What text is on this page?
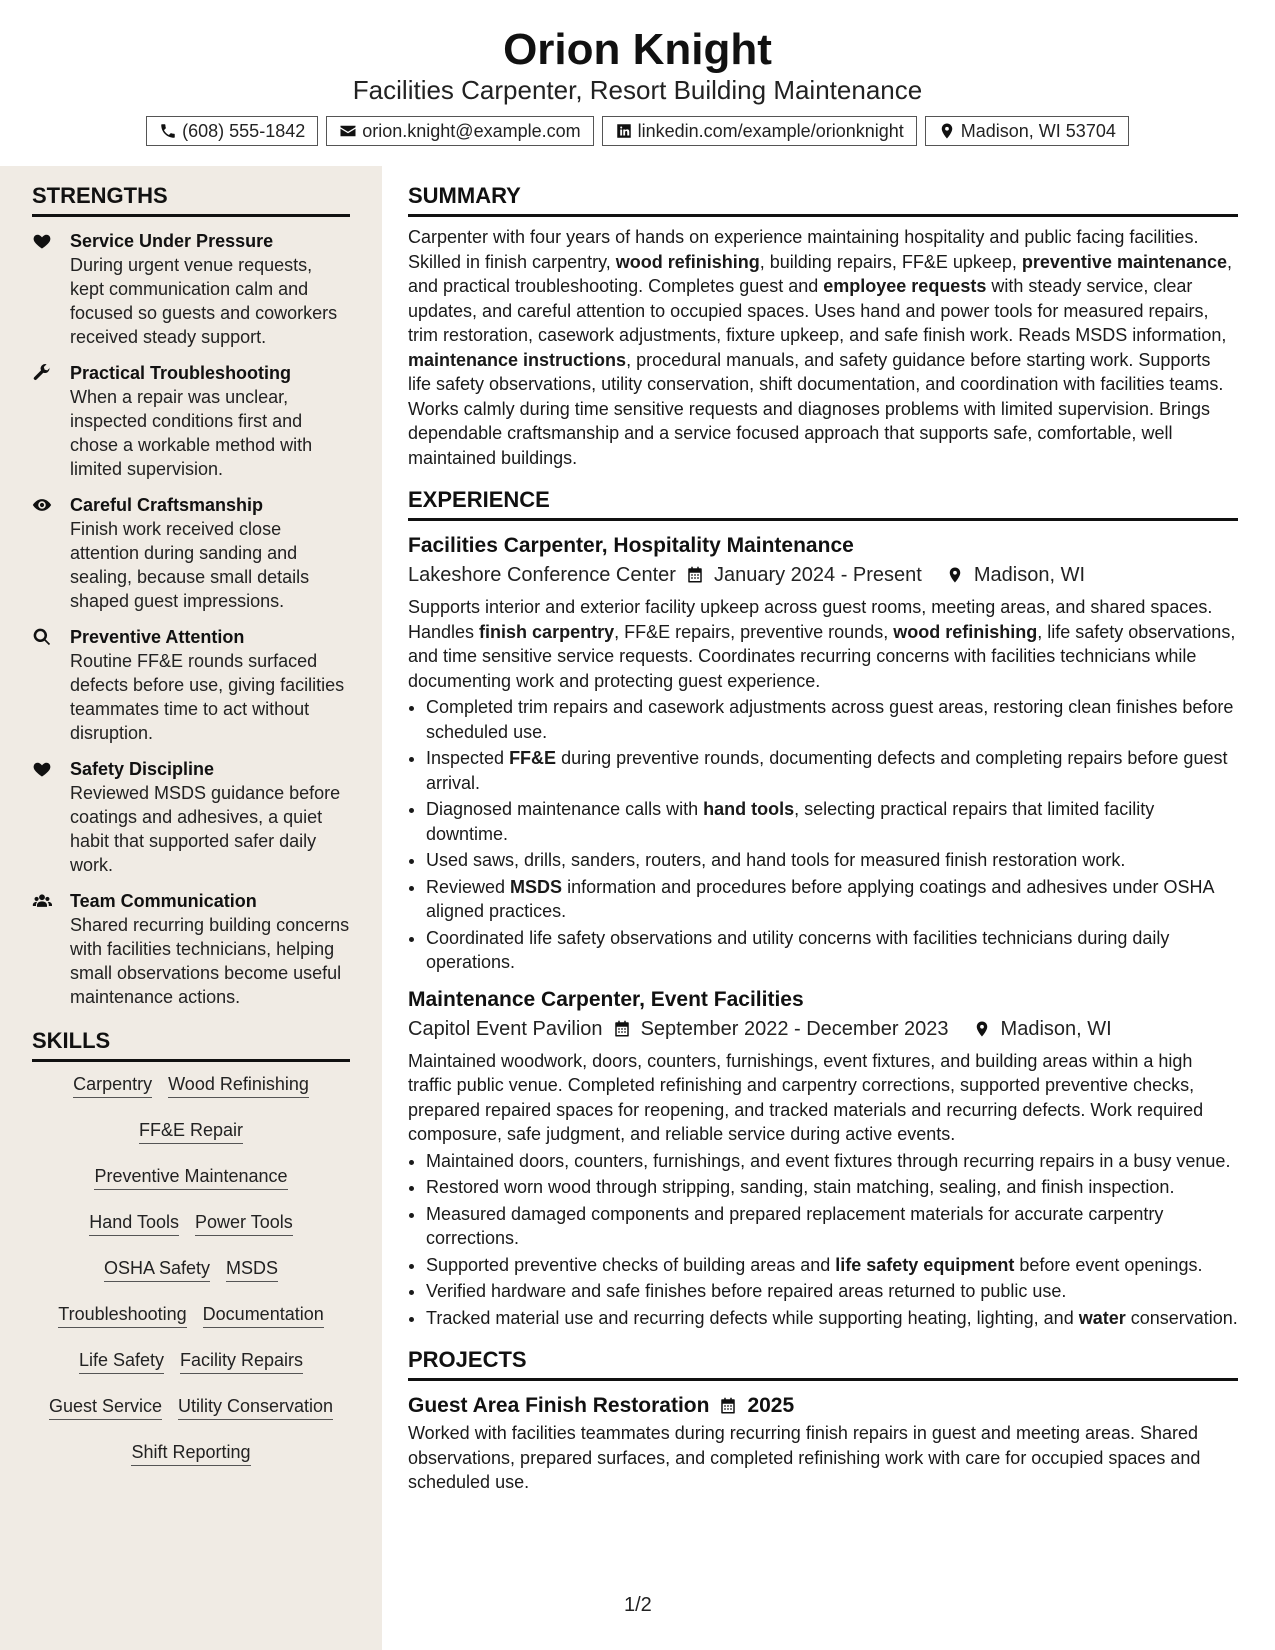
Orion Knight
Facilities Carpenter, Resort Building Maintenance
(608) 555-1842	orion.knight@example.com	linkedin.com/example/orionknight	Madison, WI 53704
STRENGTHS
Service Under Pressure
During urgent venue requests, kept communication calm and focused so guests and coworkers received steady support.
Practical Troubleshooting
When a repair was unclear, inspected conditions first and chose a workable method with limited supervision.
Careful Craftsmanship
Finish work received close attention during sanding and sealing, because small details shaped guest impressions.
Preventive Attention
Routine FF&E rounds surfaced defects before use, giving facilities teammates time to act without disruption.
Safety Discipline
Reviewed MSDS guidance before coatings and adhesives, a quiet habit that supported safer daily work.
Team Communication
Shared recurring building concerns with facilities technicians, helping small observations become useful maintenance actions.
SKILLS
Carpentry Wood Refinishing
FF&E Repair
Preventive Maintenance
Hand Tools Power Tools
OSHA Safety MSDS
Troubleshooting Documentation
Life Safety Facility Repairs
Guest Service Utility Conservation
Shift Reporting
SUMMARY

Carpenter with four years of hands on experience maintaining hospitality and public facing facilities. Skilled in finish carpentry, wood refinishing, building repairs, FF&E upkeep, preventive maintenance, and practical troubleshooting. Completes guest and employee requests with steady service, clear updates, and careful attention to occupied spaces. Uses hand and power tools for measured repairs, trim restoration, casework adjustments, fixture upkeep, and safe finish work. Reads MSDS information, maintenance instructions, procedural manuals, and safety guidance before starting work. Supports life safety observations, utility conservation, shift documentation, and coordination with facilities teams. Works calmly during time sensitive requests and diagnoses problems with limited supervision. Brings dependable craftsmanship and a service focused approach that supports safe, comfortable, well maintained buildings.

EXPERIENCE
Facilities Carpenter, Hospitality Maintenance
Lakeshore Conference Center January 2024 - Present	Madison, WI

Supports interior and exterior facility upkeep across guest rooms, meeting areas, and shared spaces. Handles finish carpentry, FF&E repairs, preventive rounds, wood refinishing, life safety observations, and time sensitive service requests. Coordinates recurring concerns with facilities technicians while documenting work and protecting guest experience.

• Completed trim repairs and casework adjustments across guest areas, restoring clean finishes before scheduled use.
• Inspected FF&E during preventive rounds, documenting defects and completing repairs before guest arrival.
• Diagnosed maintenance calls with hand tools, selecting practical repairs that limited facility downtime.
• Used saws, drills, sanders, routers, and hand tools for measured finish restoration work.
• Reviewed MSDS information and procedures before applying coatings and adhesives under OSHA aligned practices.
• Coordinated life safety observations and utility concerns with facilities technicians during daily operations.
Maintenance Carpenter, Event Facilities
Capitol Event Pavilion September 2022 - December 2023	Madison, WI

Maintained woodwork, doors, counters, furnishings, event fixtures, and building areas within a high traffic public venue. Completed refinishing and carpentry corrections, supported preventive checks, prepared repaired spaces for reopening, and tracked materials and recurring defects. Work required composure, safe judgment, and reliable service during active events.

• Maintained doors, counters, furnishings, and event fixtures through recurring repairs in a busy venue.
• Restored worn wood through stripping, sanding, stain matching, sealing, and finish inspection.
• Measured damaged components and prepared replacement materials for accurate carpentry corrections.
• Supported preventive checks of building areas and life safety equipment before event openings.
• Verified hardware and safe finishes before repaired areas returned to public use.
• Tracked material use and recurring defects while supporting heating, lighting, and water conservation.
PROJECTS
Guest Area Finish Restoration 2025

Worked with facilities teammates during recurring finish repairs in guest and meeting areas. Shared observations, prepared surfaces, and completed refinishing work with care for occupied spaces and scheduled use.

1/2
